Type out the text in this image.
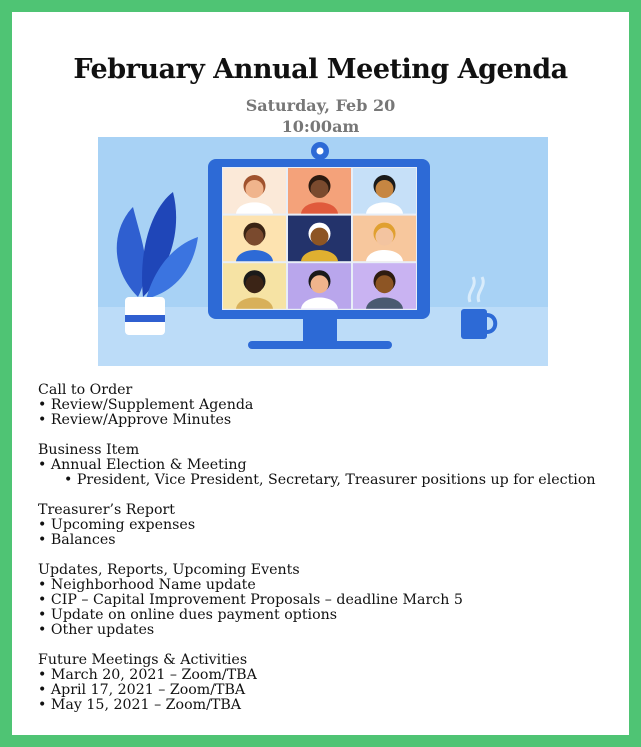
February Annual Meeting Agenda
Saturday, Feb 20
10:00am
Call to Order
• Review/Supplement Agenda
• Review/Approve Minutes
Business Item
• Annual Election & Meeting
• President, Vice President, Secretary, Treasurer positions up for election
Treasurer’s Report
• Upcoming expenses
• Balances
Updates, Reports, Upcoming Events
• Neighborhood Name update
• CIP – Capital Improvement Proposals – deadline March 5
• Update on online dues payment options
• Other updates
Future Meetings & Activities
• March 20, 2021 – Zoom/TBA
• April 17, 2021 – Zoom/TBA
• May 15, 2021 – Zoom/TBA
